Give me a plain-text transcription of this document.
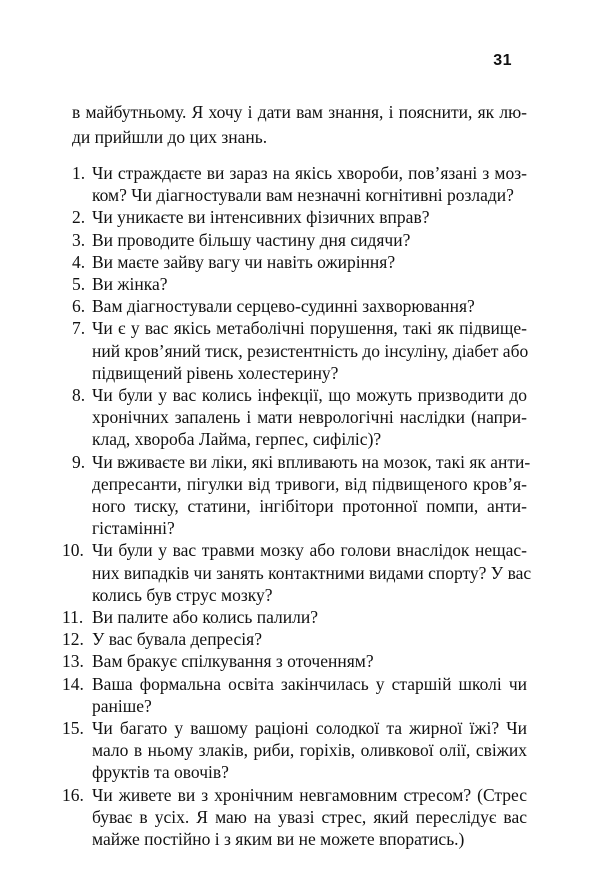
31

в майбутньому. Я хочу і дати вам знання, і пояснити, як лю-
ди прийшли до цих знань.

1. Чи страждаєте ви зараз на якісь хвороби, пов’язані з моз-
ком? Чи діагностували вам незначні когнітивні розлади?
2. Чи уникаєте ви інтенсивних фізичних вправ?
3. Ви проводите більшу частину дня сидячи?
4. Ви маєте зайву вагу чи навіть ожиріння?
5. Ви жінка?
6. Вам діагностували серцево-судинні захворювання?
7. Чи є у вас якісь метаболічні порушення, такі як підвище-
ний кров’яний тиск, резистентність до інсуліну, діабет або
підвищений рівень холестерину?
8. Чи були у вас колись інфекції, що можуть призводити до
хронічних запалень і мати неврологічні наслідки (напри-
клад, хвороба Лайма, герпес, сифіліс)?
9. Чи вживаєте ви ліки, які впливають на мозок, такі як анти-
депресанти, пігулки від тривоги, від підвищеного кров’я-
ного тиску, статини, інгібітори протонної помпи, анти-
гістамінні?
10. Чи були у вас травми мозку або голови внаслідок нещас-
них випадків чи занять контактними видами спорту? У вас
колись був струс мозку?
11. Ви палите або колись палили?
12. У вас бувала депресія?
13. Вам бракує спілкування з оточенням?
14. Ваша формальна освіта закінчилась у старшій школі чи
раніше?
15. Чи багато у вашому раціоні солодкої та жирної їжі? Чи
мало в ньому злаків, риби, горіхів, оливкової олії, свіжих
фруктів та овочів?
16. Чи живете ви з хронічним невгамовним стресом? (Стрес
буває в усіх. Я маю на увазі стрес, який переслідує вас
майже постійно і з яким ви не можете впоратись.)
